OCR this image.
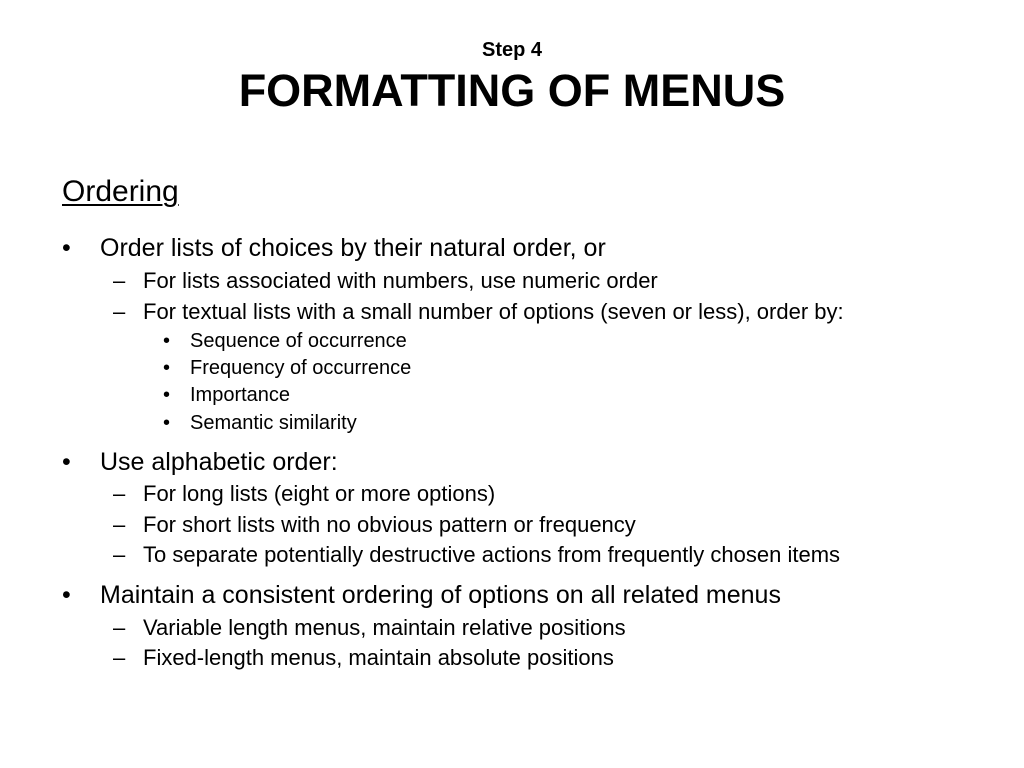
Step 4
FORMATTING OF MENUS
Ordering
• Order lists of choices by their natural order, or
– For lists associated with numbers, use numeric order
– For textual lists with a small number of options (seven or less), order by:
• Sequence of occurrence
• Frequency of occurrence
• Importance
• Semantic similarity
• Use alphabetic order:
– For long lists (eight or more options)
– For short lists with no obvious pattern or frequency
– To separate potentially destructive actions from frequently chosen items
• Maintain a consistent ordering of options on all related menus
– Variable length menus, maintain relative positions
– Fixed-length menus, maintain absolute positions
